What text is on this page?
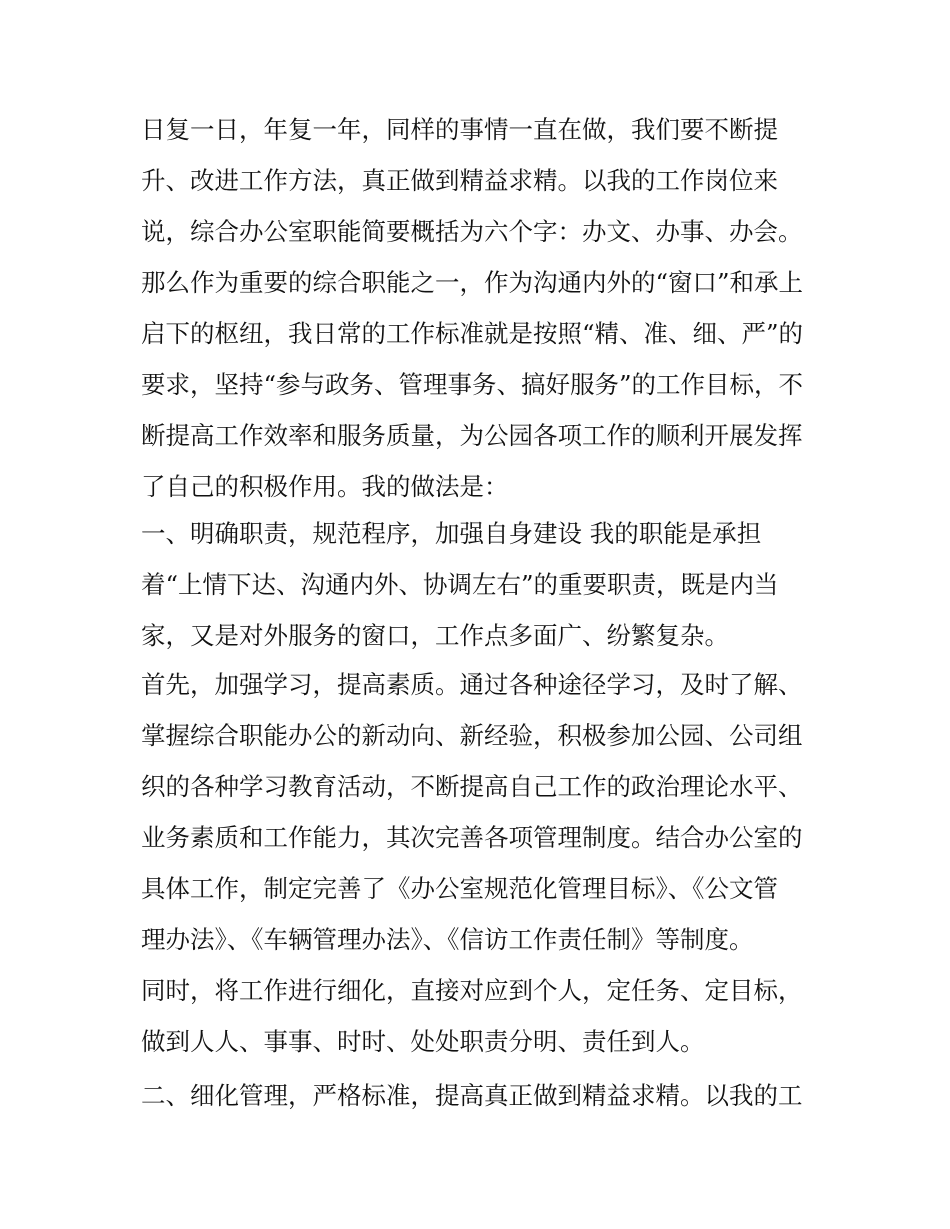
日复一日，年复一年，同样的事情一直在做，我们要不断提
升、改进工作方法，真正做到精益求精。以我的工作岗位来
说，综合办公室职能简要概括为六个字：办文、办事、办会。
那么作为重要的综合职能之一，作为沟通内外的“窗口”和承上
启下的枢纽，我日常的工作标准就是按照“精、准、细、严”的
要求，坚持“参与政务、管理事务、搞好服务”的工作目标，不
断提高工作效率和服务质量，为公园各项工作的顺利开展发挥
了自己的积极作用。我的做法是：
一、明确职责，规范程序，加强自身建设 我的职能是承担
着“上情下达、沟通内外、协调左右”的重要职责，既是内当
家，又是对外服务的窗口，工作点多面广、纷繁复杂。
首先，加强学习，提高素质。通过各种途径学习，及时了解、
掌握综合职能办公的新动向、新经验，积极参加公园、公司组
织的各种学习教育活动，不断提高自己工作的政治理论水平、
业务素质和工作能力，其次完善各项管理制度。结合办公室的
具体工作，制定完善了《办公室规范化管理目标》、《公文管
理办法》、《车辆管理办法》、《信访工作责任制》等制度。
同时，将工作进行细化，直接对应到个人，定任务、定目标，
做到人人、事事、时时、处处职责分明、责任到人。
二、细化管理，严格标准，提高真正做到精益求精。以我的工
